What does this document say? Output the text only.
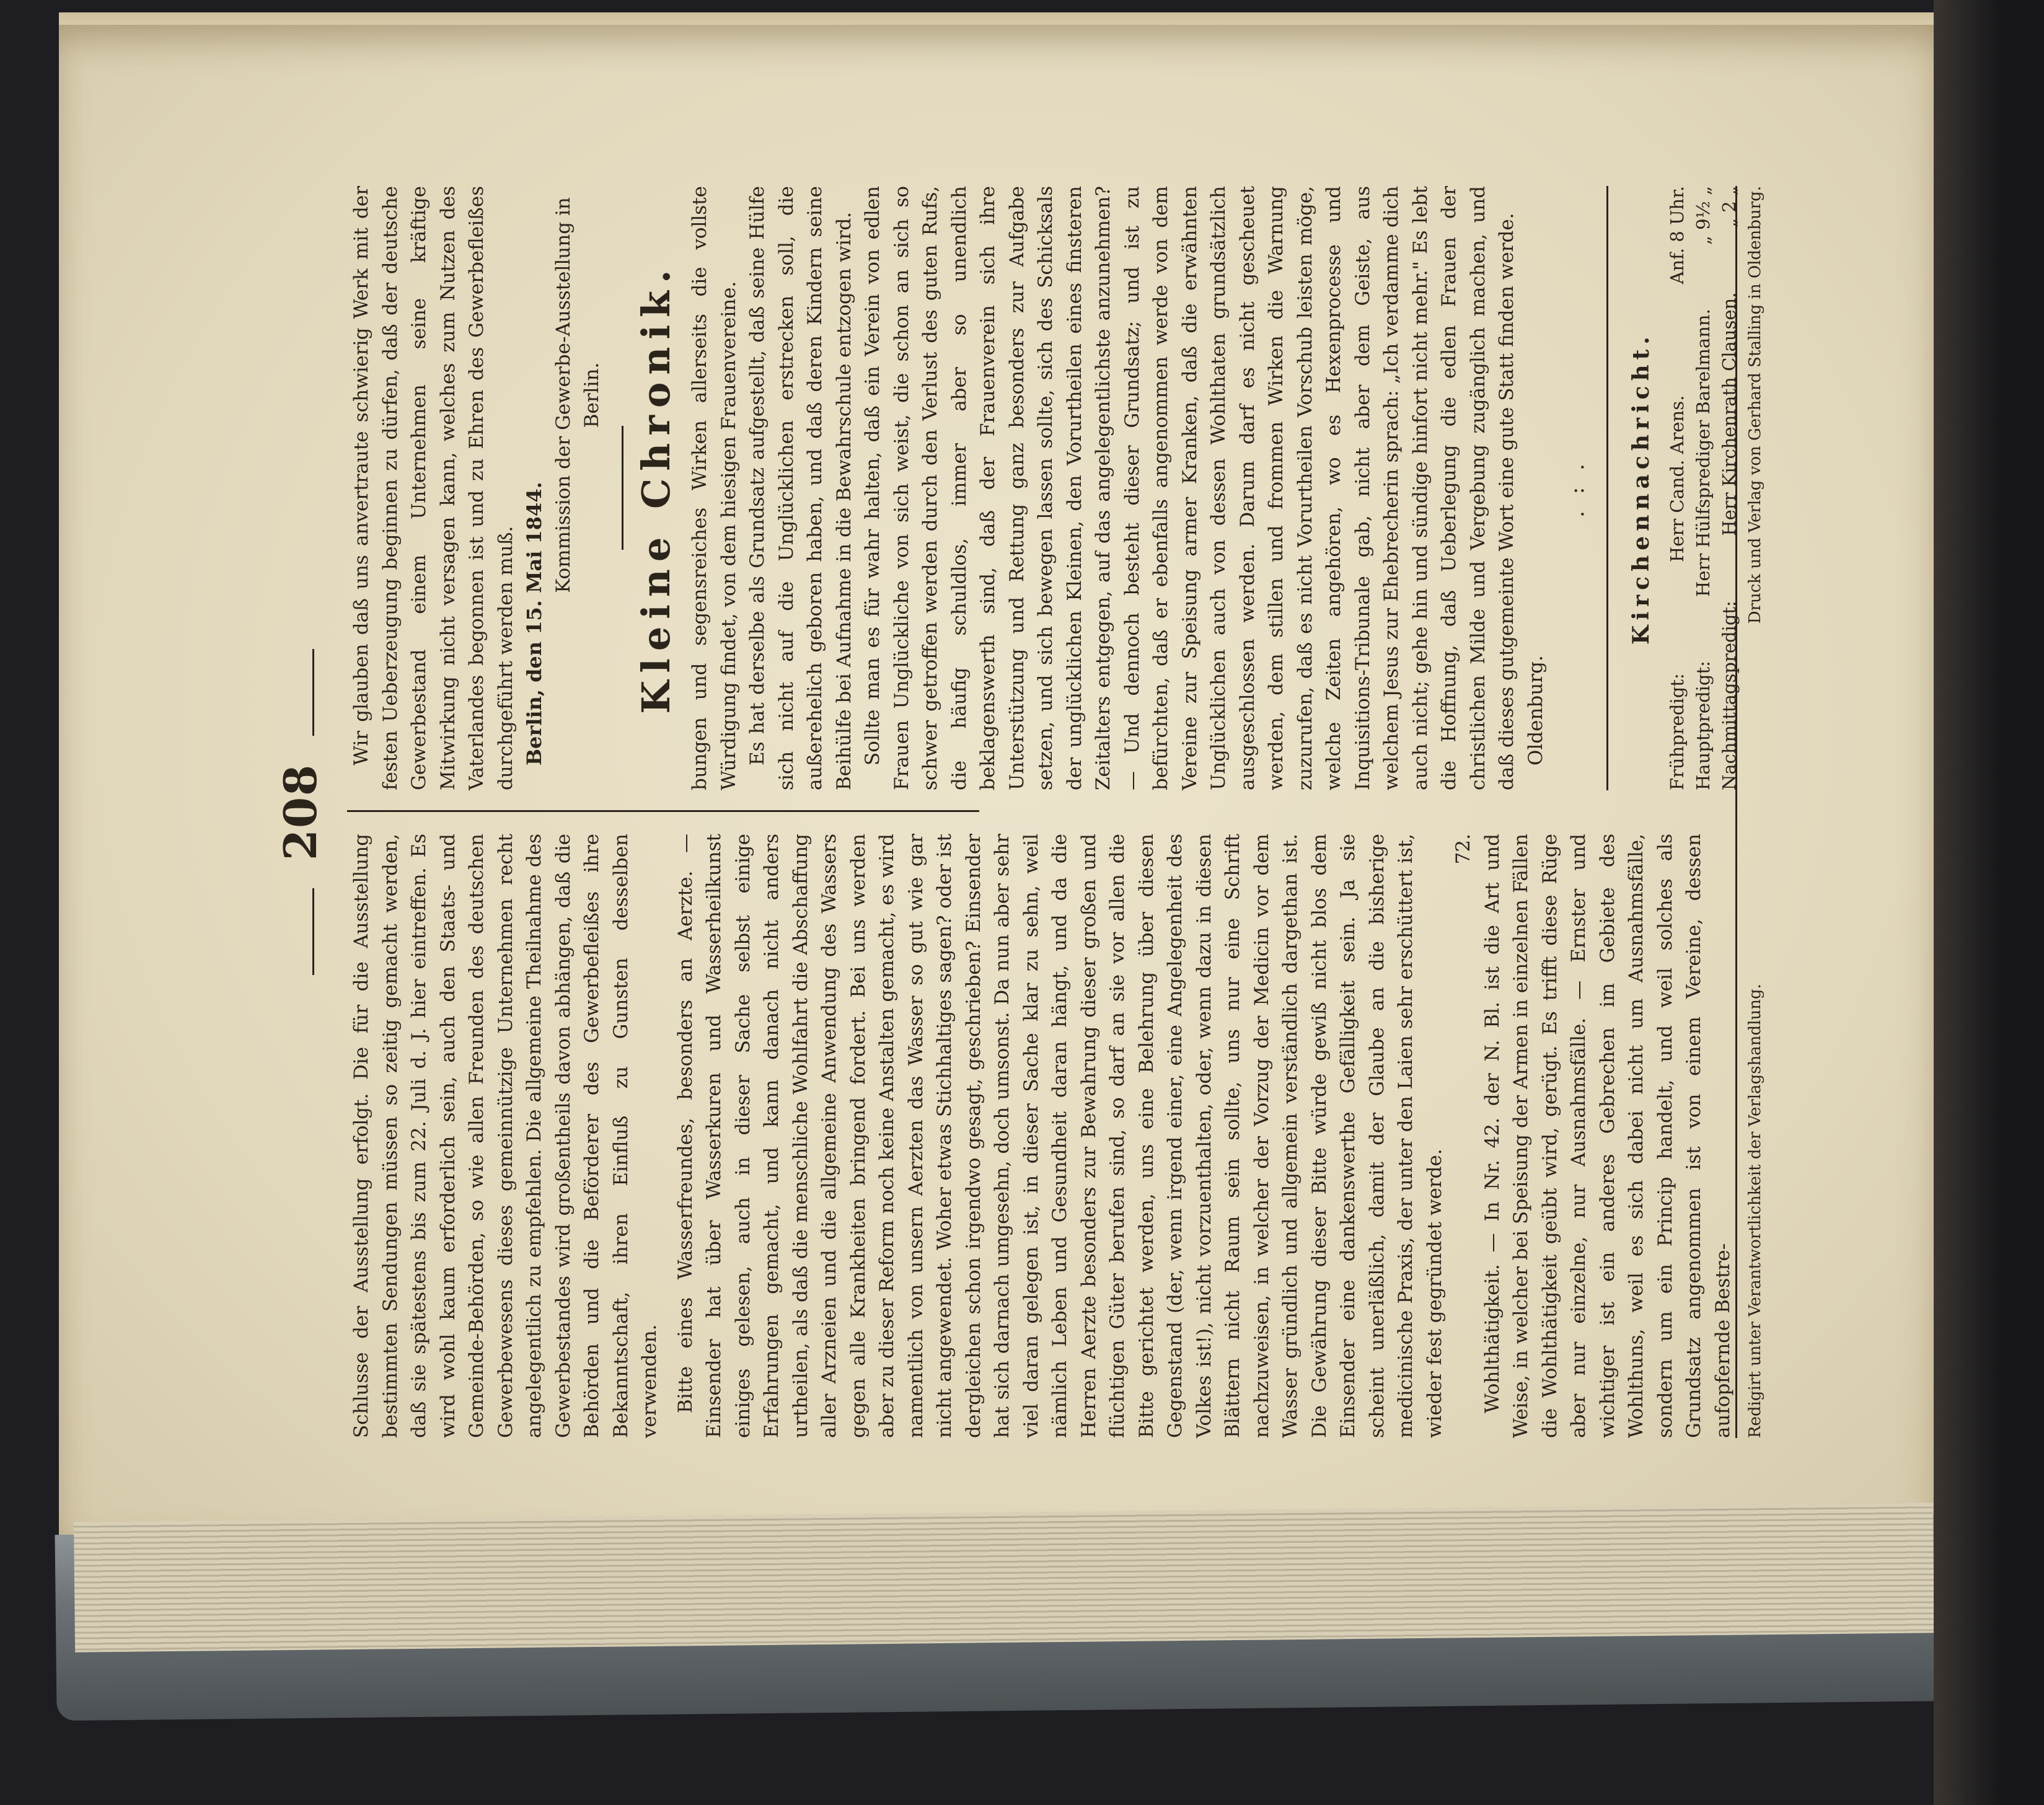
208

Schlusse der Ausstellung erfolgt. Die für die Ausstellung bestimmten Sendungen müssen so zeitig gemacht werden, daß sie spätestens bis zum 22. Juli d. J. hier eintreffen. Es wird wohl kaum erforderlich sein, auch den Staats- und Gemeinde-Behörden, so wie allen Freunden des deutschen Gewerbewesens dieses gemeinnützige Unternehmen recht angelegentlich zu empfehlen. Die allgemeine Theilnahme des Gewerbestandes wird großentheils davon abhängen, daß die Behörden und die Beförderer des Gewerbefleißes ihre Bekanntschaft, ihren Einfluß zu Gunsten desselben verwenden. Bitte eines Wasserfreundes, besonders an Aerzte. — Einsender hat über Wasserkuren und Wasserheilkunst einiges gelesen, auch in dieser Sache selbst einige Erfahrungen gemacht, und kann danach nicht anders urtheilen, als daß die menschliche Wohlfahrt die Abschaffung aller Arzneien und die allgemeine Anwendung des Wassers gegen alle Krankheiten bringend fordert. Bei uns werden aber zu dieser Reform noch keine Anstalten gemacht, es wird namentlich von unsern Aerzten das Wasser so gut wie gar nicht angewendet. Woher etwas Stichhaltiges sagen? oder ist dergleichen schon irgendwo gesagt, geschrieben? Einsender hat sich darnach umgesehn, doch umsonst. Da nun aber sehr viel daran gelegen ist, in dieser Sache klar zu sehn, weil nämlich Leben und Gesundheit daran hängt, und da die Herren Aerzte besonders zur Bewahrung dieser großen und flüchtigen Güter berufen sind, so darf an sie vor allen die Bitte gerichtet werden, uns eine Belehrung über diesen Gegenstand (der, wenn irgend einer, eine Angelegenheit des Volkes ist!), nicht vorzuenthalten, oder, wenn dazu in diesen Blättern nicht Raum sein sollte, uns nur eine Schrift nachzuweisen, in welcher der Vorzug der Medicin vor dem Wasser gründlich und allgemein verständlich dargethan ist. Die Gewährung dieser Bitte würde gewiß nicht blos dem Einsender eine dankenswerthe Gefälligkeit sein. Ja sie scheint unerläßlich, damit der Glaube an die bisherige medicinische Praxis, der unter den Laien sehr erschüttert ist, wieder fest gegründet werde.

72. Wohlthätigkeit. — In Nr. 42. der N. Bl. ist die Art und Weise, in welcher bei Speisung der Armen in einzelnen Fällen die Wohlthätigkeit geübt wird, gerügt. Es trifft diese Rüge aber nur einzelne, nur Ausnahmsfälle. — Ernster und wichtiger ist ein anderes Gebrechen im Gebiete des Wohlthuns, weil es sich dabei nicht um Ausnahmsfälle, sondern um ein Princip handelt, und weil solches als Grundsatz angenommen ist von einem Vereine, dessen aufopfernde Bestre-

Wir glauben daß uns anvertraute schwierig Werk mit der festen Ueberzeugung beginnen zu dürfen, daß der deutsche Gewerbestand einem Unternehmen seine kräftige Mitwirkung nicht versagen kann, welches zum Nutzen des Vaterlandes begonnen ist und zu Ehren des Gewerbefleißes durchgeführt werden muß. Berlin, den 15. Mai 1844.

Kommission der Gewerbe-Ausstellung in Berlin. Kleine Chronik. bungen und segensreiches Wirken allerseits die vollste Würdigung findet, von dem hiesigen Frauenvereine. Es hat derselbe als Grundsatz aufgestellt, daß seine Hülfe sich nicht auf die Unglücklichen erstrecken soll, die außerehelich geboren haben, und daß deren Kindern seine Beihülfe bei Aufnahme in die Bewahrschule entzogen wird. Sollte man es für wahr halten, daß ein Verein von edlen Frauen Unglückliche von sich weist, die schon an sich so schwer getroffen werden durch den Verlust des guten Rufs, die häufig schuldlos, immer aber so unendlich beklagenswerth sind, daß der Frauenverein sich ihre Unterstützung und Rettung ganz besonders zur Aufgabe setzen, und sich bewegen lassen sollte, sich des Schicksals der unglücklichen Kleinen, den Vorurtheilen eines finsteren Zeitalters entgegen, auf das angelegentlichste anzunehmen? — Und dennoch besteht dieser Grundsatz; und ist zu befürchten, daß er ebenfalls angenommen werde von dem Vereine zur Speisung armer Kranken, daß die erwähnten Unglücklichen auch von dessen Wohlthaten grundsätzlich ausgeschlossen werden. Darum darf es nicht gescheuet werden, dem stillen und frommen Wirken die Warnung zuzurufen, daß es nicht Vorurtheilen Vorschub leisten möge, welche Zeiten angehören, wo es Hexenprocesse und Inquisitions-Tribunale gab, nicht aber dem Geiste, aus welchem Jesus zur Ehebrecherin sprach: „Ich verdamme dich auch nicht; gehe hin und sündige hinfort nicht mehr." Es lebt die Hoffnung, daß Ueberlegung die edlen Frauen der christlichen Milde und Vergebung zugänglich machen, und daß dieses gutgemeinte Wort eine gute Statt finden werde. Oldenburg.

. : . Kirchennachricht.
Frühpredigt:
Herr Cand. Arens.
Anf. 8 Uhr.
Hauptpredigt:
Herr Hülfsprediger Barelmann.
„ 9½ „
Nachmittagspredigt:
Herr Kirchenrath Clausen.
„ 2 „
Redigirt unter Verantwortlichkeit der Verlagshandlung.
Druck und Verlag von Gerhard Stalling in Oldenburg.
